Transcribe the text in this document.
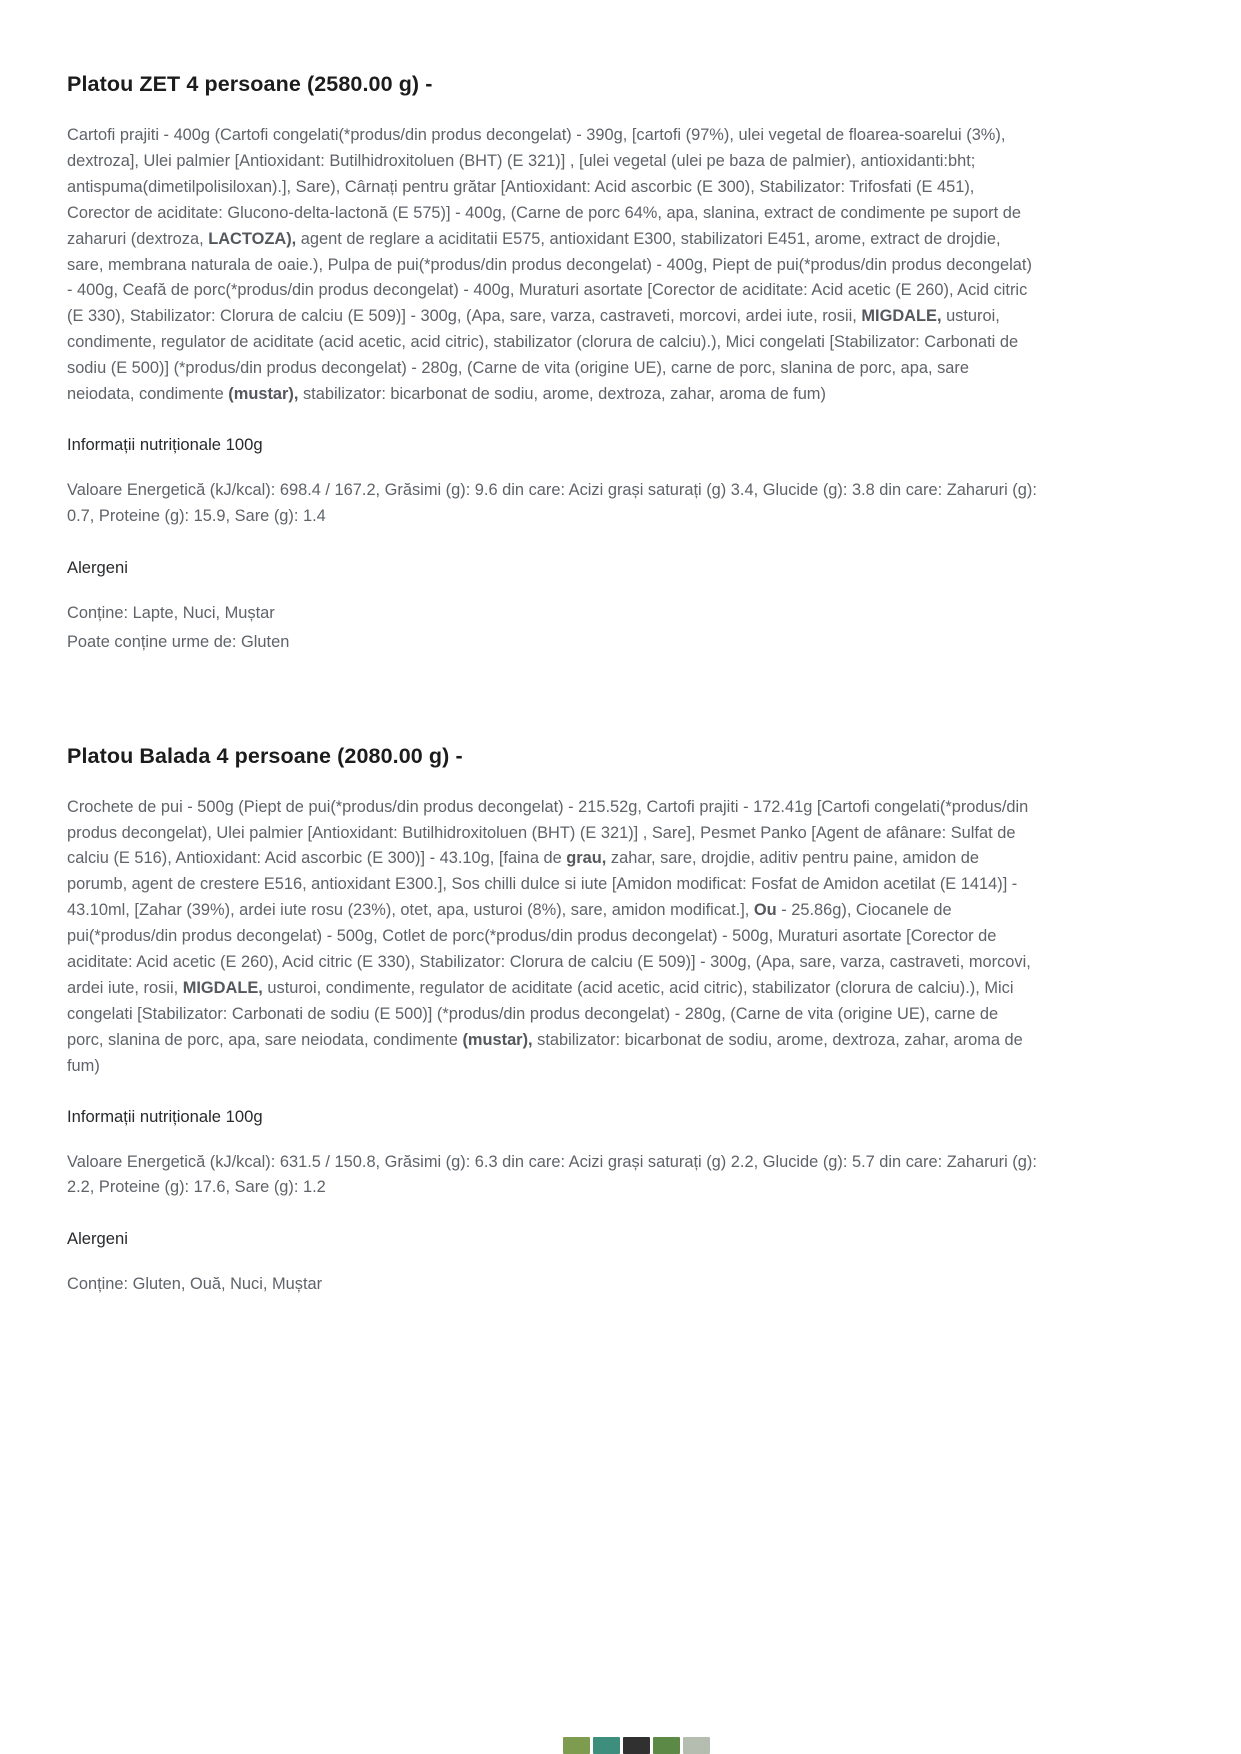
Platou ZET 4 persoane (2580.00 g) -

Cartofi prajiti - 400g (Cartofi congelati(*produs/din produs decongelat) - 390g, [cartofi (97%), ulei vegetal de floarea-soarelui (3%), dextroza], Ulei palmier [Antioxidant: Butilhidroxitoluen (BHT) (E 321)] , [ulei vegetal (ulei pe baza de palmier), antioxidanti:bht; antispuma(dimetilpolisiloxan).], Sare), Cârnați pentru grătar [Antioxidant: Acid ascorbic (E 300), Stabilizator: Trifosfati (E 451), Corector de aciditate: Glucono-delta-lactonă (E 575)] - 400g, (Carne de porc 64%, apa, slanina, extract de condimente pe suport de zaharuri (dextroza, LACTOZA), agent de reglare a aciditatii E575, antioxidant E300, stabilizatori E451, arome, extract de drojdie, sare, membrana naturala de oaie.), Pulpa de pui(*produs/din produs decongelat) - 400g, Piept de pui(*produs/din produs decongelat) - 400g, Ceafă de porc(*produs/din produs decongelat) - 400g, Muraturi asortate [Corector de aciditate: Acid acetic (E 260), Acid citric (E 330), Stabilizator: Clorura de calciu (E 509)] - 300g, (Apa, sare, varza, castraveti, morcovi, ardei iute, rosii, MIGDALE, usturoi, condimente, regulator de aciditate (acid acetic, acid citric), stabilizator (clorura de calciu).), Mici congelati [Stabilizator: Carbonati de sodiu (E 500)] (*produs/din produs decongelat) - 280g, (Carne de vita (origine UE), carne de porc, slanina de porc, apa, sare neiodata, condimente (mustar), stabilizator: bicarbonat de sodiu, arome, dextroza, zahar, aroma de fum)

Informații nutriționale 100g

Valoare Energetică (kJ/kcal): 698.4 / 167.2, Grăsimi (g): 9.6 din care: Acizi grași saturați (g) 3.4, Glucide (g): 3.8 din care: Zaharuri (g): 0.7, Proteine (g): 15.9, Sare (g): 1.4

Alergeni

Conține: Lapte, Nuci, Muștar

Poate conține urme de: Gluten

Platou Balada 4 persoane (2080.00 g) -

Crochete de pui - 500g (Piept de pui(*produs/din produs decongelat) - 215.52g, Cartofi prajiti - 172.41g [Cartofi congelati(*produs/din produs decongelat), Ulei palmier [Antioxidant: Butilhidroxitoluen (BHT) (E 321)] , Sare], Pesmet Panko [Agent de afânare: Sulfat de calciu (E 516), Antioxidant: Acid ascorbic (E 300)] - 43.10g, [faina de grau, zahar, sare, drojdie, aditiv pentru paine, amidon de porumb, agent de crestere E516, antioxidant E300.], Sos chilli dulce si iute [Amidon modificat: Fosfat de Amidon acetilat (E 1414)] - 43.10ml, [Zahar (39%), ardei iute rosu (23%), otet, apa, usturoi (8%), sare, amidon modificat.], Ou - 25.86g), Ciocanele de pui(*produs/din produs decongelat) - 500g, Cotlet de porc(*produs/din produs decongelat) - 500g, Muraturi asortate [Corector de aciditate: Acid acetic (E 260), Acid citric (E 330), Stabilizator: Clorura de calciu (E 509)] - 300g, (Apa, sare, varza, castraveti, morcovi, ardei iute, rosii, MIGDALE, usturoi, condimente, regulator de aciditate (acid acetic, acid citric), stabilizator (clorura de calciu).), Mici congelati [Stabilizator: Carbonati de sodiu (E 500)] (*produs/din produs decongelat) - 280g, (Carne de vita (origine UE), carne de porc, slanina de porc, apa, sare neiodata, condimente (mustar), stabilizator: bicarbonat de sodiu, arome, dextroza, zahar, aroma de fum)

Informații nutriționale 100g

Valoare Energetică (kJ/kcal): 631.5 / 150.8, Grăsimi (g): 6.3 din care: Acizi grași saturați (g) 2.2, Glucide (g): 5.7 din care: Zaharuri (g): 2.2, Proteine (g): 17.6, Sare (g): 1.2

Alergeni

Conține: Gluten, Ouă, Nuci, Muștar
